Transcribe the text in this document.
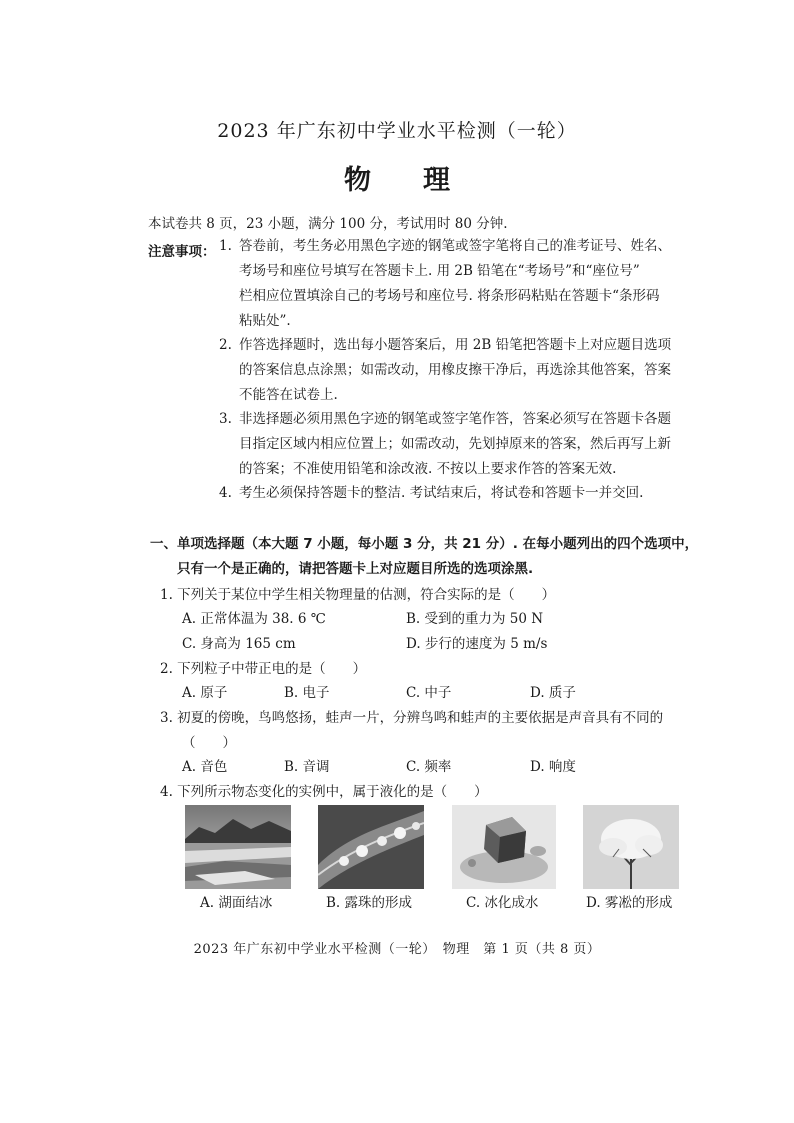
2023 年广东初中学业水平检测（一轮）
物 理
本试卷共 8 页，23 小题，满分 100 分，考试用时 80 分钟.
注意事项： 1. 答卷前，考生务必用黑色字迹的钢笔或签字笔将自己的准考证号、姓名、
考场号和座位号填写在答题卡上. 用 2B 铅笔在“考场号”和“座位号”
栏相应位置填涂自己的考场号和座位号. 将条形码粘贴在答题卡“条形码
粘贴处”.
2. 作答选择题时，选出每小题答案后，用 2B 铅笔把答题卡上对应题目选项
的答案信息点涂黑；如需改动，用橡皮擦干净后，再选涂其他答案，答案
不能答在试卷上.
3. 非选择题必须用黑色字迹的钢笔或签字笔作答，答案必须写在答题卡各题
目指定区域内相应位置上；如需改动，先划掉原来的答案，然后再写上新
的答案；不准使用铅笔和涂改液. 不按以上要求作答的答案无效.
4. 考生必须保持答题卡的整洁. 考试结束后，将试卷和答题卡一并交回.
一、单项选择题（本大题 7 小题，每小题 3 分，共 21 分）. 在每小题列出的四个选项中，
只有一个是正确的，请把答题卡上对应题目所选的选项涂黑.
1. 下列关于某位中学生相关物理量的估测，符合实际的是（　　）
A. 正常体温为 38. 6 ℃	B. 受到的重力为 50 N
C. 身高为 165 cm	D. 步行的速度为 5 m/s
2. 下列粒子中带正电的是（　　）
A. 原子	B. 电子	C. 中子	D. 质子
3. 初夏的傍晚，鸟鸣悠扬，蛙声一片，分辨鸟鸣和蛙声的主要依据是声音具有不同的
（　　）
A. 音色	B. 音调	C. 频率	D. 响度
4. 下列所示物态变化的实例中，属于液化的是（　　）
A. 湖面结冰	B. 露珠的形成	C. 冰化成水	D. 雾凇的形成
2023 年广东初中学业水平检测（一轮）　物理　第 1 页（共 8 页）
